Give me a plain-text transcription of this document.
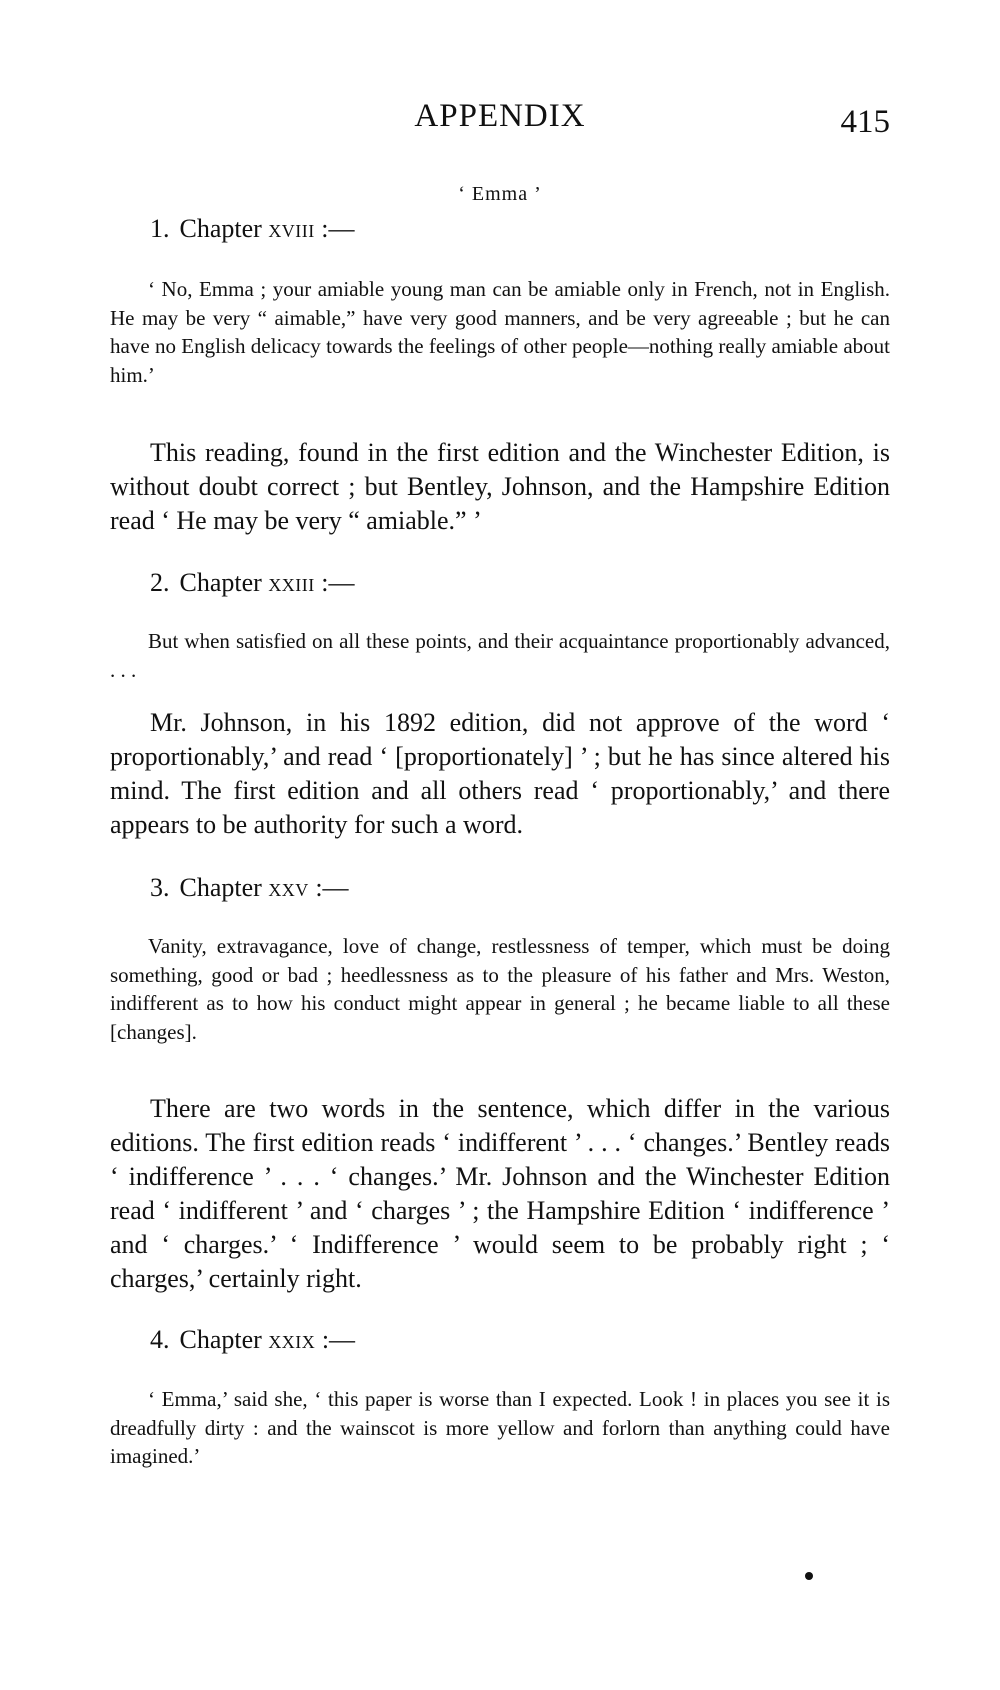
APPENDIX	415
‘ Emma ’
1. Chapter xviii :—
‘ No, Emma ; your amiable young man can be amiable only in French, not in English. He may be very “ aimable,” have very good manners, and be very agreeable ; but he can have no English delicacy towards the feelings of other people—nothing really amiable about him.’
This reading, found in the first edition and the Winchester Edition, is without doubt correct ; but Bentley, Johnson, and the Hampshire Edition read ‘ He may be very “ amiable.” ’
2. Chapter xxiii :—
But when satisfied on all these points, and their acquaintance proportionably advanced, . . .
Mr. Johnson, in his 1892 edition, did not approve of the word ‘ proportionably,’ and read ‘ [proportionately] ’ ; but he has since altered his mind. The first edition and all others read ‘ proportionably,’ and there appears to be authority for such a word.
3. Chapter xxv :—
Vanity, extravagance, love of change, restlessness of temper, which must be doing something, good or bad ; heedlessness as to the pleasure of his father and Mrs. Weston, indifferent as to how his conduct might appear in general ; he became liable to all these [changes].
There are two words in the sentence, which differ in the various editions. The first edition reads ‘ indifferent ’ . . . ‘ changes.’ Bentley reads ‘ indifference ’ . . . ‘ changes.’ Mr. Johnson and the Winchester Edition read ‘ indifferent ’ and ‘ charges ’ ; the Hampshire Edition ‘ indifference ’ and ‘ charges.’ ‘ Indifference ’ would seem to be probably right ; ‘ charges,’ certainly right.
4. Chapter xxix :—
‘ Emma,’ said she, ‘ this paper is worse than I expected. Look ! in places you see it is dreadfully dirty : and the wainscot is more yellow and forlorn than anything could have imagined.’
